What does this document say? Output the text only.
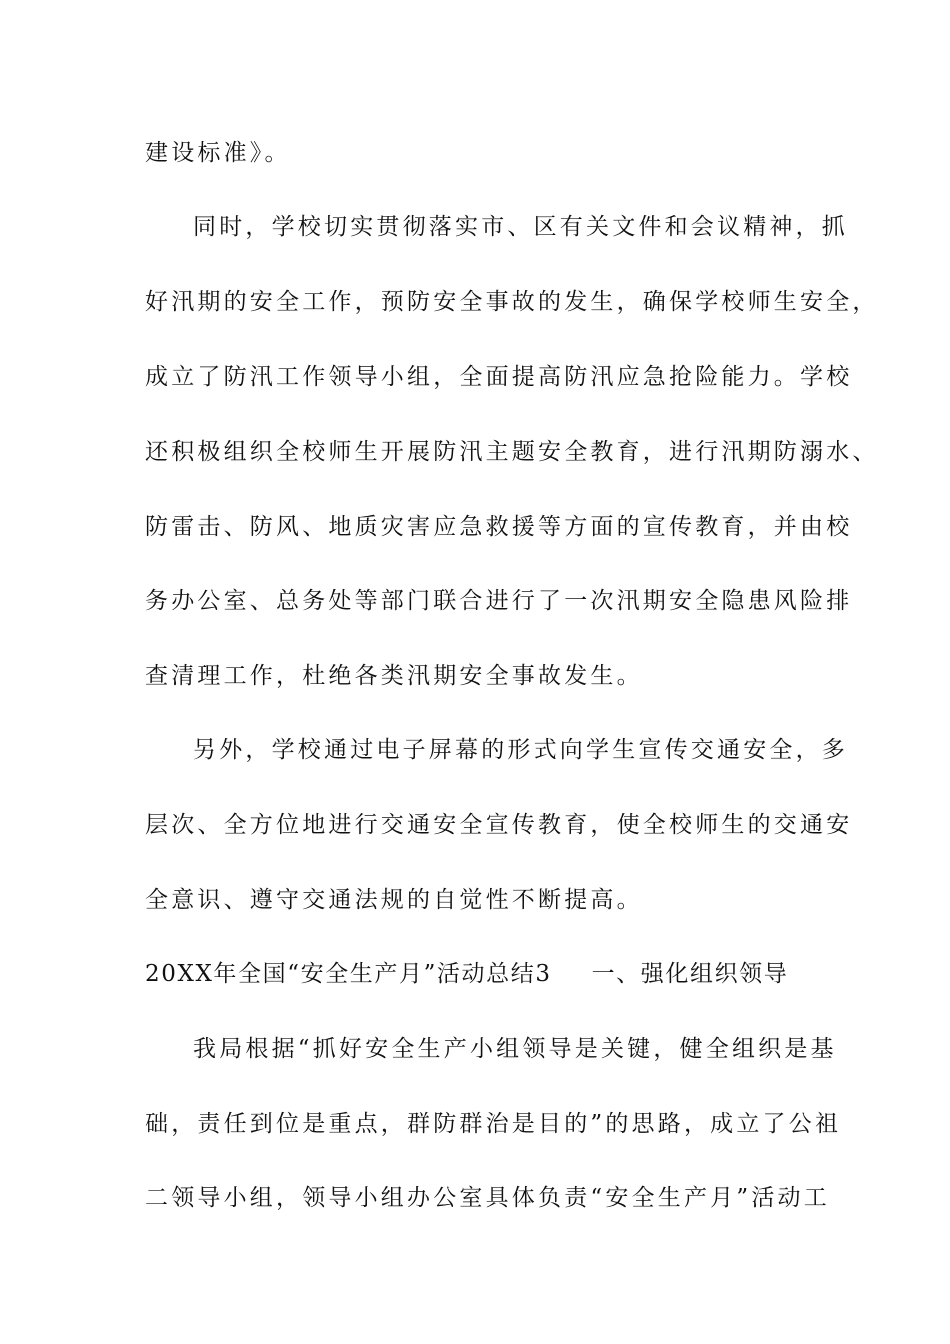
建设标准》。
同时，学校切实贯彻落实市、区有关文件和会议精神，抓
好汛期的安全工作，预防安全事故的发生，确保学校师生安全，
成立了防汛工作领导小组，全面提高防汛应急抢险能力。学校
还积极组织全校师生开展防汛主题安全教育，进行汛期防溺水、
防雷击、防风、地质灾害应急救援等方面的宣传教育，并由校
务办公室、总务处等部门联合进行了一次汛期安全隐患风险排
查清理工作，杜绝各类汛期安全事故发生。
另外，学校通过电子屏幕的形式向学生宣传交通安全，多
层次、全方位地进行交通安全宣传教育，使全校师生的交通安
全意识、遵守交通法规的自觉性不断提高。
20XX年全国“安全生产月”活动总结3 一、强化组织领导
我局根据“抓好安全生产小组领导是关键，健全组织是基
础，责任到位是重点，群防群治是目的”的思路，成立了公祖
二领导小组，领导小组办公室具体负责“安全生产月”活动工
